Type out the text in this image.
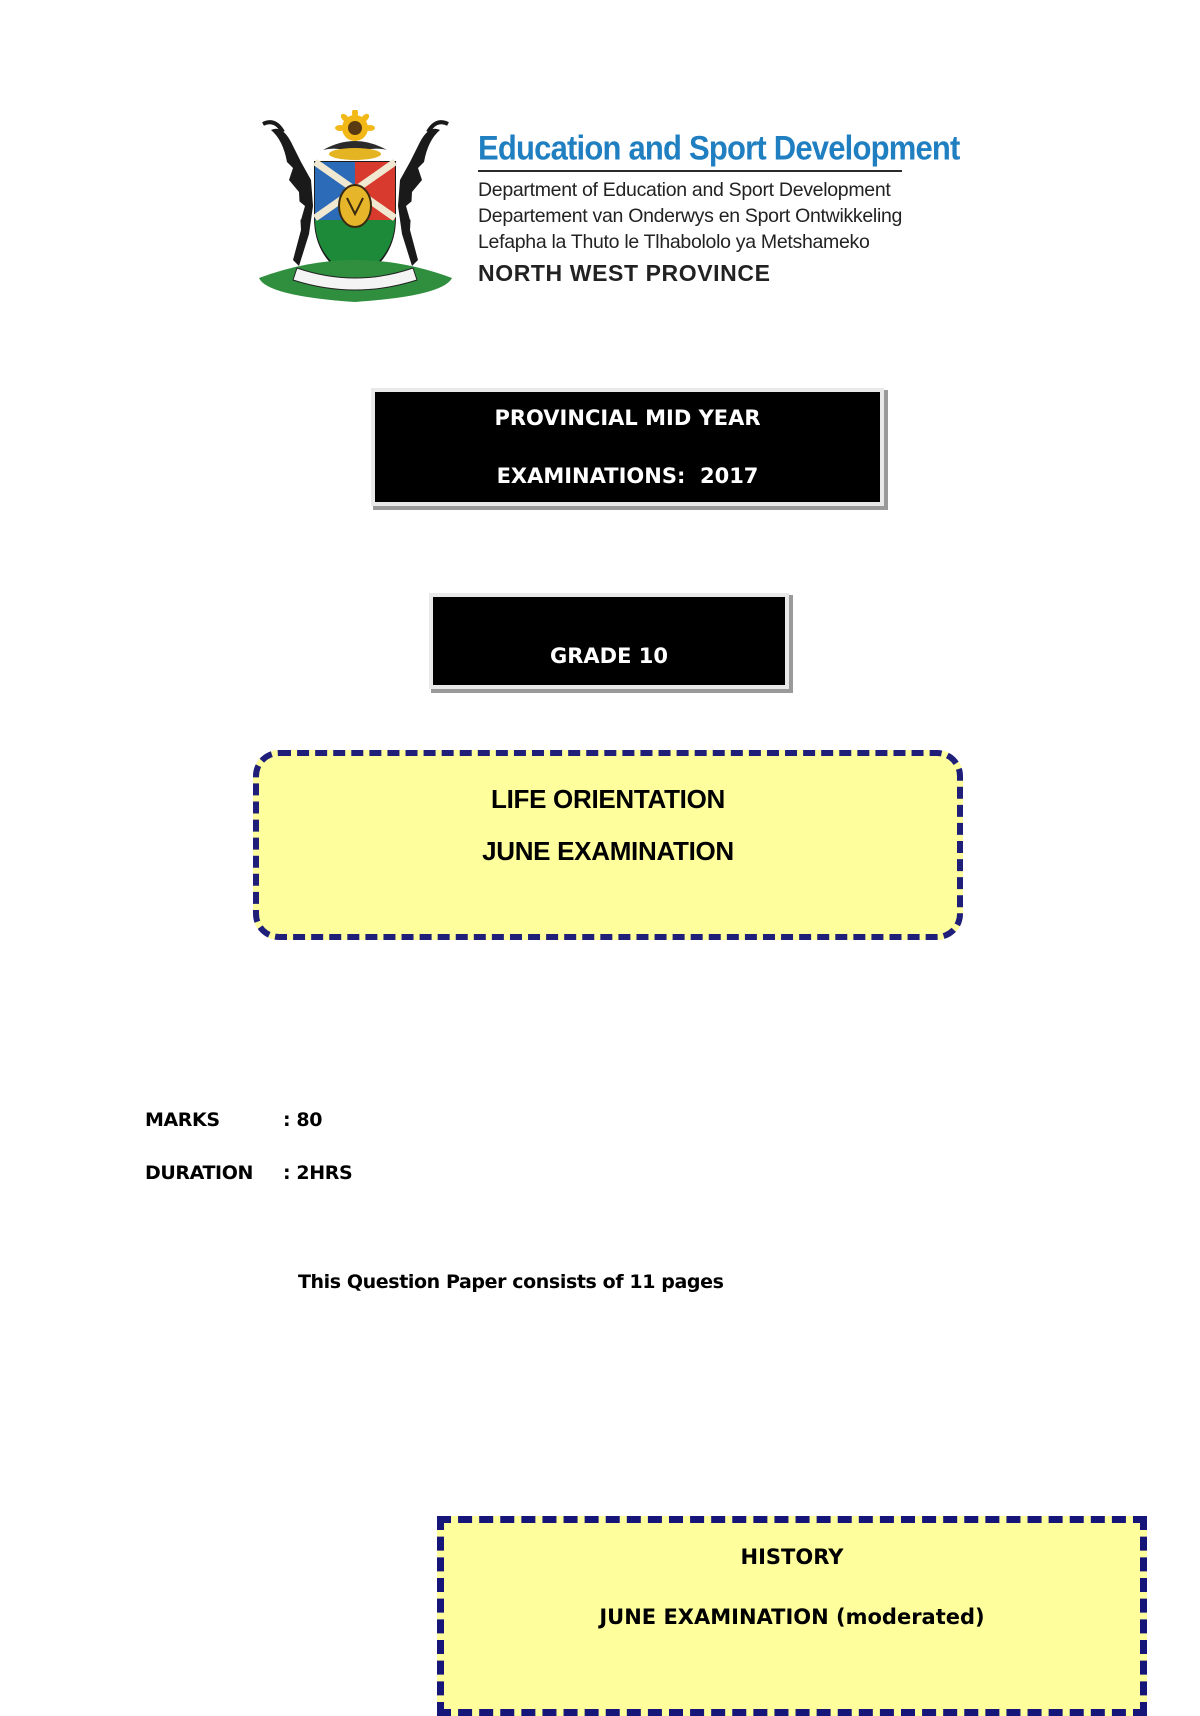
Education and Sport Development
Department of Education and Sport Development
Departement van Onderwys en Sport Ontwikkeling
Lefapha la Thuto le Tlhabololo ya Metshameko
NORTH WEST PROVINCE
PROVINCIAL MID YEAR
EXAMINATIONS:  2017
GRADE 10
LIFE ORIENTATION
JUNE EXAMINATION
MARKS	: 80
DURATION : 2HRS
This Question Paper consists of 11 pages
HISTORY
JUNE EXAMINATION (moderated)
